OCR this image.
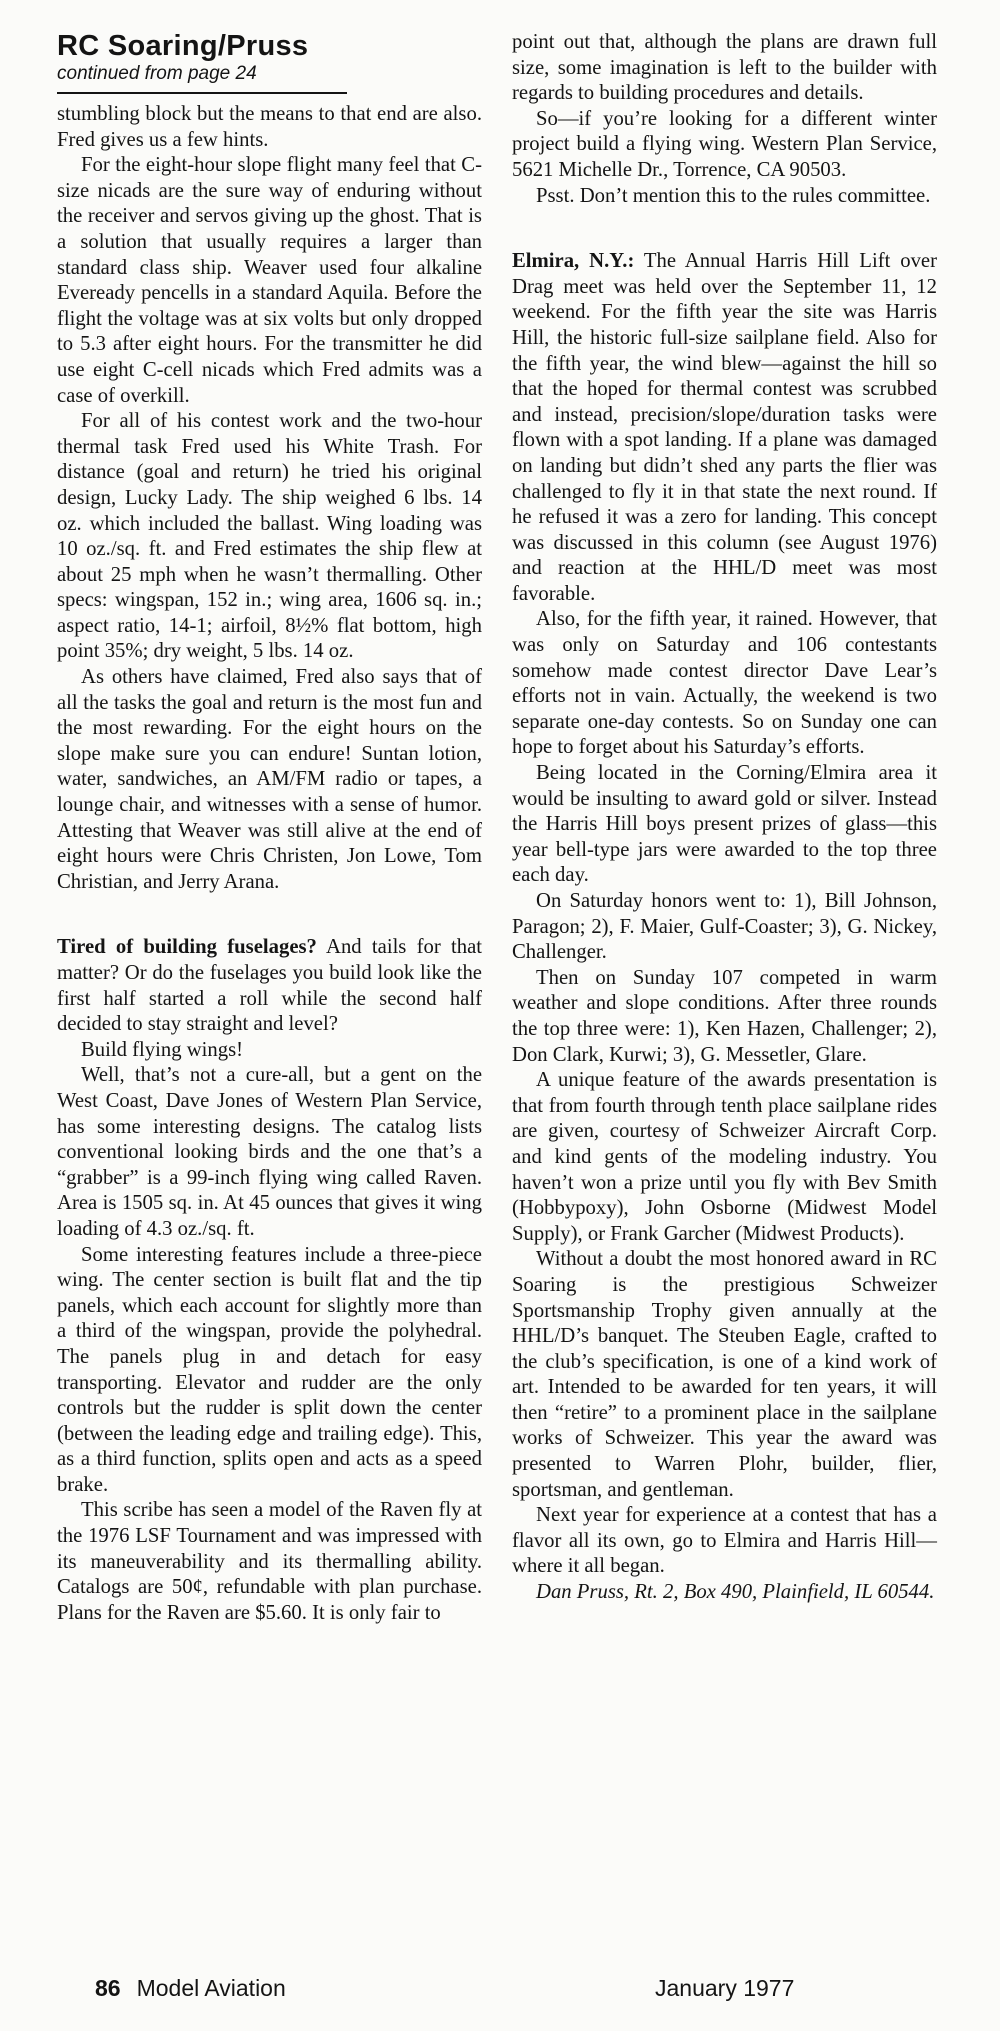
RC Soaring/Pruss
continued from page 24

stumbling block but the means to that end are also. Fred gives us a few hints.

For the eight-hour slope flight many feel that C-size nicads are the sure way of enduring without the receiver and servos giving up the ghost. That is a solution that usually requires a larger than standard class ship. Weaver used four alkaline Eveready pencells in a standard Aquila. Before the flight the voltage was at six volts but only dropped to 5.3 after eight hours. For the transmitter he did use eight C-cell nicads which Fred admits was a case of overkill.

For all of his contest work and the two-hour thermal task Fred used his White Trash. For distance (goal and return) he tried his original design, Lucky Lady. The ship weighed 6 lbs. 14 oz. which included the ballast. Wing loading was 10 oz./sq. ft. and Fred estimates the ship flew at about 25 mph when he wasn’t thermalling. Other specs: wingspan, 152 in.; wing area, 1606 sq. in.; aspect ratio, 14-1; airfoil, 8½% flat bottom, high point 35%; dry weight, 5 lbs. 14 oz.

As others have claimed, Fred also says that of all the tasks the goal and return is the most fun and the most rewarding. For the eight hours on the slope make sure you can endure! Suntan lotion, water, sandwiches, an AM/FM radio or tapes, a lounge chair, and witnesses with a sense of humor. Attesting that Weaver was still alive at the end of eight hours were Chris Christen, Jon Lowe, Tom Christian, and Jerry Arana.

Tired of building fuselages? And tails for that matter? Or do the fuselages you build look like the first half started a roll while the second half decided to stay straight and level?

Build flying wings!

Well, that’s not a cure-all, but a gent on the West Coast, Dave Jones of Western Plan Service, has some interesting designs. The catalog lists conventional looking birds and the one that’s a “grabber” is a 99-inch flying wing called Raven. Area is 1505 sq. in. At 45 ounces that gives it wing loading of 4.3 oz./sq. ft.

Some interesting features include a three-piece wing. The center section is built flat and the tip panels, which each account for slightly more than a third of the wingspan, provide the polyhedral. The panels plug in and detach for easy transporting. Elevator and rudder are the only controls but the rudder is split down the center (between the leading edge and trailing edge). This, as a third function, splits open and acts as a speed brake.

This scribe has seen a model of the Raven fly at the 1976 LSF Tournament and was impressed with its maneuverability and its thermalling ability. Catalogs are 50¢, refundable with plan purchase. Plans for the Raven are $5.60. It is only fair to

point out that, although the plans are drawn full size, some imagination is left to the builder with regards to building procedures and details.

So—if you’re looking for a different winter project build a flying wing. Western Plan Service, 5621 Michelle Dr., Torrence, CA 90503.

Psst. Don’t mention this to the rules committee.

Elmira, N.Y.: The Annual Harris Hill Lift over Drag meet was held over the September 11, 12 weekend. For the fifth year the site was Harris Hill, the historic full-size sailplane field. Also for the fifth year, the wind blew—against the hill so that the hoped for thermal contest was scrubbed and instead, precision/slope/duration tasks were flown with a spot landing. If a plane was damaged on landing but didn’t shed any parts the flier was challenged to fly it in that state the next round. If he refused it was a zero for landing. This concept was discussed in this column (see August 1976) and reaction at the HHL/D meet was most favorable.

Also, for the fifth year, it rained. However, that was only on Saturday and 106 contestants somehow made contest director Dave Lear’s efforts not in vain. Actually, the weekend is two separate one-day contests. So on Sunday one can hope to forget about his Saturday’s efforts.

Being located in the Corning/Elmira area it would be insulting to award gold or silver. Instead the Harris Hill boys present prizes of glass—this year bell-type jars were awarded to the top three each day.

On Saturday honors went to: 1), Bill Johnson, Paragon; 2), F. Maier, Gulf-Coaster; 3), G. Nickey, Challenger.

Then on Sunday 107 competed in warm weather and slope conditions. After three rounds the top three were: 1), Ken Hazen, Challenger; 2), Don Clark, Kurwi; 3), G. Messetler, Glare.

A unique feature of the awards presentation is that from fourth through tenth place sailplane rides are given, courtesy of Schweizer Aircraft Corp. and kind gents of the modeling industry. You haven’t won a prize until you fly with Bev Smith (Hobbypoxy), John Osborne (Midwest Model Supply), or Frank Garcher (Midwest Products).

Without a doubt the most honored award in RC Soaring is the prestigious Schweizer Sportsmanship Trophy given annually at the HHL/D’s banquet. The Steuben Eagle, crafted to the club’s specification, is one of a kind work of art. Intended to be awarded for ten years, it will then “retire” to a prominent place in the sailplane works of Schweizer. This year the award was presented to Warren Plohr, builder, flier, sportsman, and gentleman.

Next year for experience at a contest that has a flavor all its own, go to Elmira and Harris Hill—where it all began.

Dan Pruss, Rt. 2, Box 490, Plainfield, IL 60544.

86 Model Aviation	January 1977
